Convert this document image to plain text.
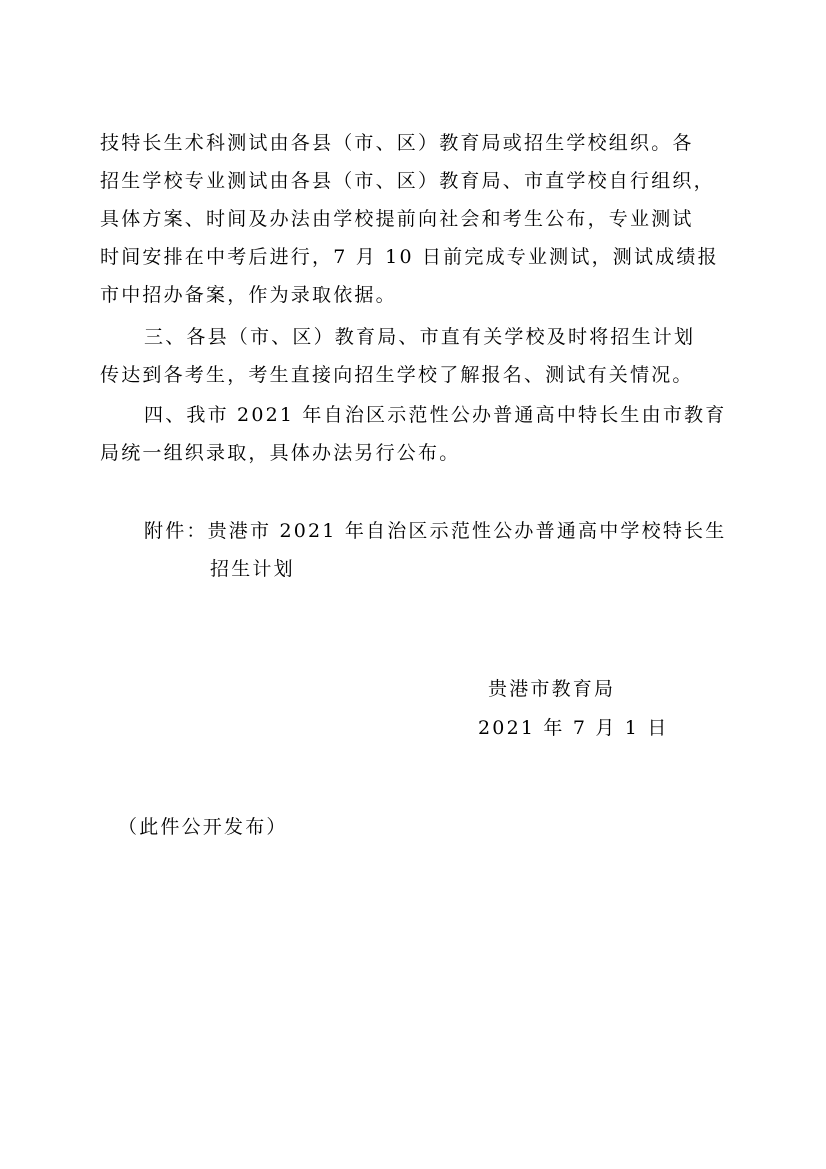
技特长生术科测试由各县（市、区）教育局或招生学校组织。各
招生学校专业测试由各县（市、区）教育局、市直学校自行组织，
具体方案、时间及办法由学校提前向社会和考生公布，专业测试
时间安排在中考后进行，7 月 10 日前完成专业测试，测试成绩报
市中招办备案，作为录取依据。
三、各县（市、区）教育局、市直有关学校及时将招生计划
传达到各考生，考生直接向招生学校了解报名、测试有关情况。
四、我市 2021 年自治区示范性公办普通高中特长生由市教育
局统一组织录取，具体办法另行公布。
附件：贵港市 2021 年自治区示范性公办普通高中学校特长生
招生计划
贵港市教育局
2021 年 7 月 1 日
（此件公开发布）
